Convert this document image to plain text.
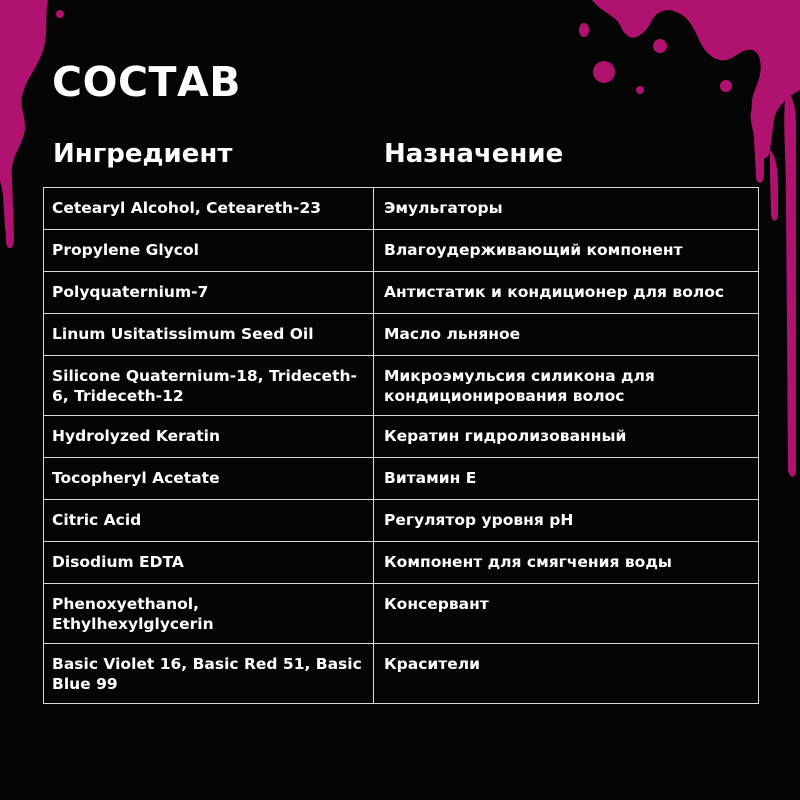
СОСТАВ
Ингредиент	Назначение
Cetearyl Alcohol, Ceteareth-23	Эмульгаторы
Propylene Glycol	Влагоудерживающий компонент
Polyquaternium-7	Антистатик и кондиционер для волос
Linum Usitatissimum Seed Oil	Масло льняное
Silicone Quaternium-18, Trideceth-6, Trideceth-12	Микроэмульсия силикона для кондиционирования волос
Hydrolyzed Keratin	Кератин гидролизованный
Tocopheryl Acetate	Витамин Е
Citric Acid	Регулятор уровня рН
Disodium EDTA	Компонент для смягчения воды
Phenoxyethanol, Ethylhexylglycerin	Консервант
Basic Violet 16, Basic Red 51, Basic Blue 99	Красители
